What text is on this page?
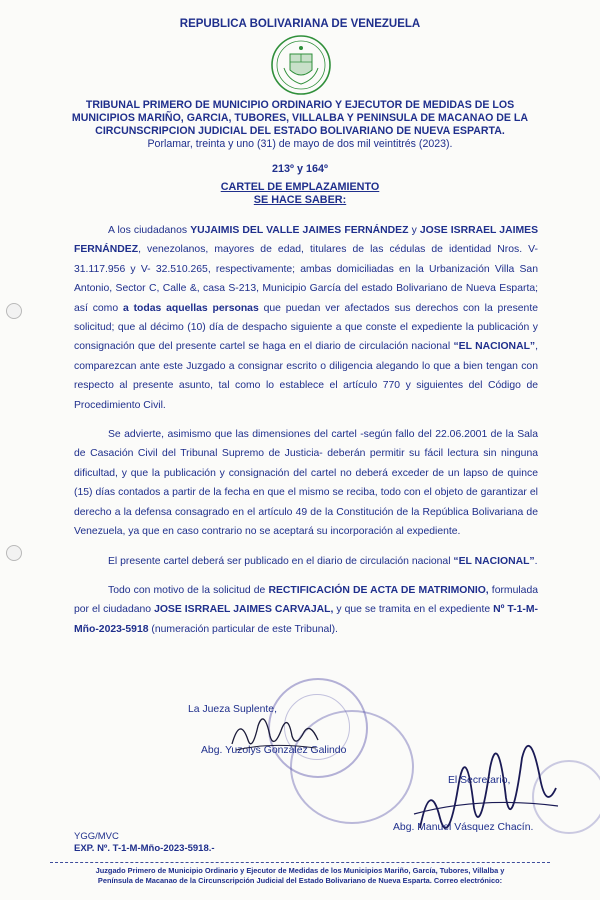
REPUBLICA BOLIVARIANA DE VENEZUELA
TRIBUNAL PRIMERO DE MUNICIPIO ORDINARIO Y EJECUTOR DE MEDIDAS DE LOS
MUNICIPIOS MARIÑO, GARCIA, TUBORES, VILLALBA Y PENINSULA DE MACANAO DE LA
CIRCUNSCRIPCION JUDICIAL DEL ESTADO BOLIVARIANO DE NUEVA ESPARTA.
Porlamar, treinta y uno (31) de mayo de dos mil veintitrés (2023).
213º y 164º
CARTEL DE EMPLAZAMIENTO
SE HACE SABER:

A los ciudadanos YUJAIMIS DEL VALLE JAIMES FERNÁNDEZ y JOSE ISRRAEL JAIMES FERNÁNDEZ, venezolanos, mayores de edad, titulares de las cédulas de identidad Nros. V- 31.117.956 y V- 32.510.265, respectivamente; ambas domiciliadas en la Urbanización Villa San Antonio, Sector C, Calle &, casa S-213, Municipio García del estado Bolivariano de Nueva Esparta; así como a todas aquellas personas que puedan ver afectados sus derechos con la presente solicitud; que al décimo (10) día de despacho siguiente a que conste el expediente la publicación y consignación que del presente cartel se haga en el diario de circulación nacional “EL NACIONAL”, comparezcan ante este Juzgado a consignar escrito o diligencia alegando lo que a bien tengan con respecto al presente asunto, tal como lo establece el artículo 770 y siguientes del Código de Procedimiento Civil.

Se advierte, asimismo que las dimensiones del cartel -según fallo del 22.06.2001 de la Sala de Casación Civil del Tribunal Supremo de Justicia- deberán permitir su fácil lectura sin ninguna dificultad, y que la publicación y consignación del cartel no deberá exceder de un lapso de quince (15) días contados a partir de la fecha en que el mismo se reciba, todo con el objeto de garantizar el derecho a la defensa consagrado en el artículo 49 de la Constitución de la República Bolivariana de Venezuela, ya que en caso contrario no se aceptará su incorporación al expediente.

El presente cartel deberá ser publicado en el diario de circulación nacional “EL NACIONAL”.

Todo con motivo de la solicitud de RECTIFICACIÓN DE ACTA DE MATRIMONIO, formulada por el ciudadano JOSE ISRRAEL JAIMES CARVAJAL, y que se tramita en el expediente Nº T-1-M-Mño-2023-5918 (numeración particular de este Tribunal).

La Jueza Suplente,
Abg. Yuzolys González Galindo
El Secretario,
Abg. Manuel Vásquez Chacín.
YGG/MVC
EXP. Nº. T-1-M-Mño-2023-5918.-
Juzgado Primero de Municipio Ordinario y Ejecutor de Medidas de los Municipios Mariño, García, Tubores, Villalba y
Península de Macanao de la Circunscripción Judicial del Estado Bolivariano de Nueva Esparta. Correo electrónico:
